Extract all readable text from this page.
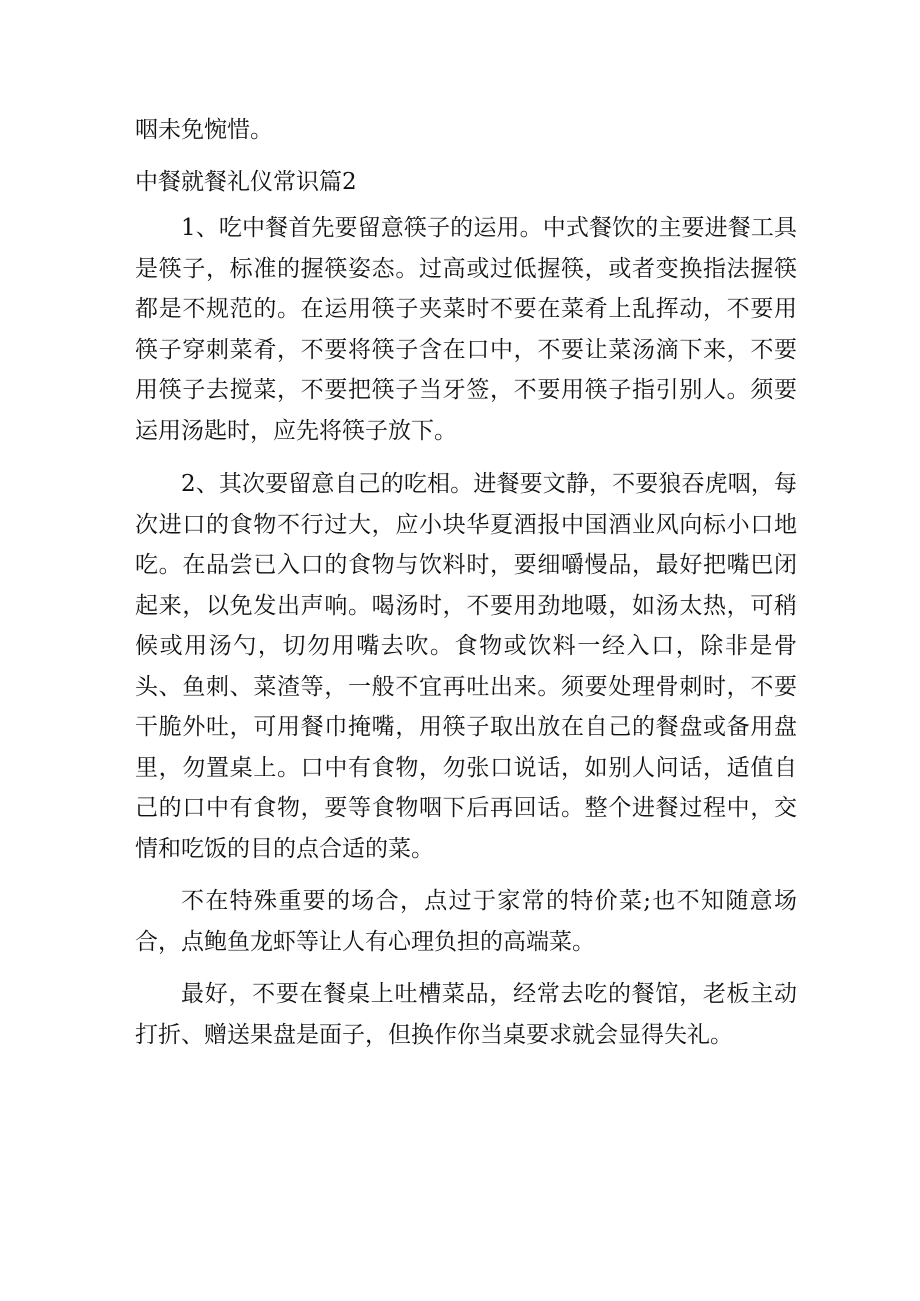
咽未免惋惜。

中餐就餐礼仪常识篇2

1、吃中餐首先要留意筷子的运用。中式餐饮的主要进餐工具是筷子，标准的握筷姿态。过高或过低握筷，或者变换指法握筷都是不规范的。在运用筷子夹菜时不要在菜肴上乱挥动，不要用筷子穿刺菜肴，不要将筷子含在口中，不要让菜汤滴下来，不要用筷子去搅菜，不要把筷子当牙签，不要用筷子指引别人。须要运用汤匙时，应先将筷子放下。

2、其次要留意自己的吃相。进餐要文静，不要狼吞虎咽，每次进口的食物不行过大，应小块华夏酒报中国酒业风向标小口地吃。在品尝已入口的食物与饮料时，要细嚼慢品，最好把嘴巴闭起来，以免发出声响。喝汤时，不要用劲地嗫，如汤太热，可稍候或用汤勺，切勿用嘴去吹。食物或饮料一经入口，除非是骨头、鱼刺、菜渣等，一般不宜再吐出来。须要处理骨刺时，不要干脆外吐，可用餐巾掩嘴，用筷子取出放在自己的餐盘或备用盘里，勿置桌上。口中有食物，勿张口说话，如别人问话，适值自己的口中有食物，要等食物咽下后再回话。整个进餐过程中，交情和吃饭的目的点合适的菜。

不在特殊重要的场合，点过于家常的特价菜;也不知随意场合，点鲍鱼龙虾等让人有心理负担的高端菜。

最好，不要在餐桌上吐槽菜品，经常去吃的餐馆，老板主动打折、赠送果盘是面子，但换作你当桌要求就会显得失礼。
